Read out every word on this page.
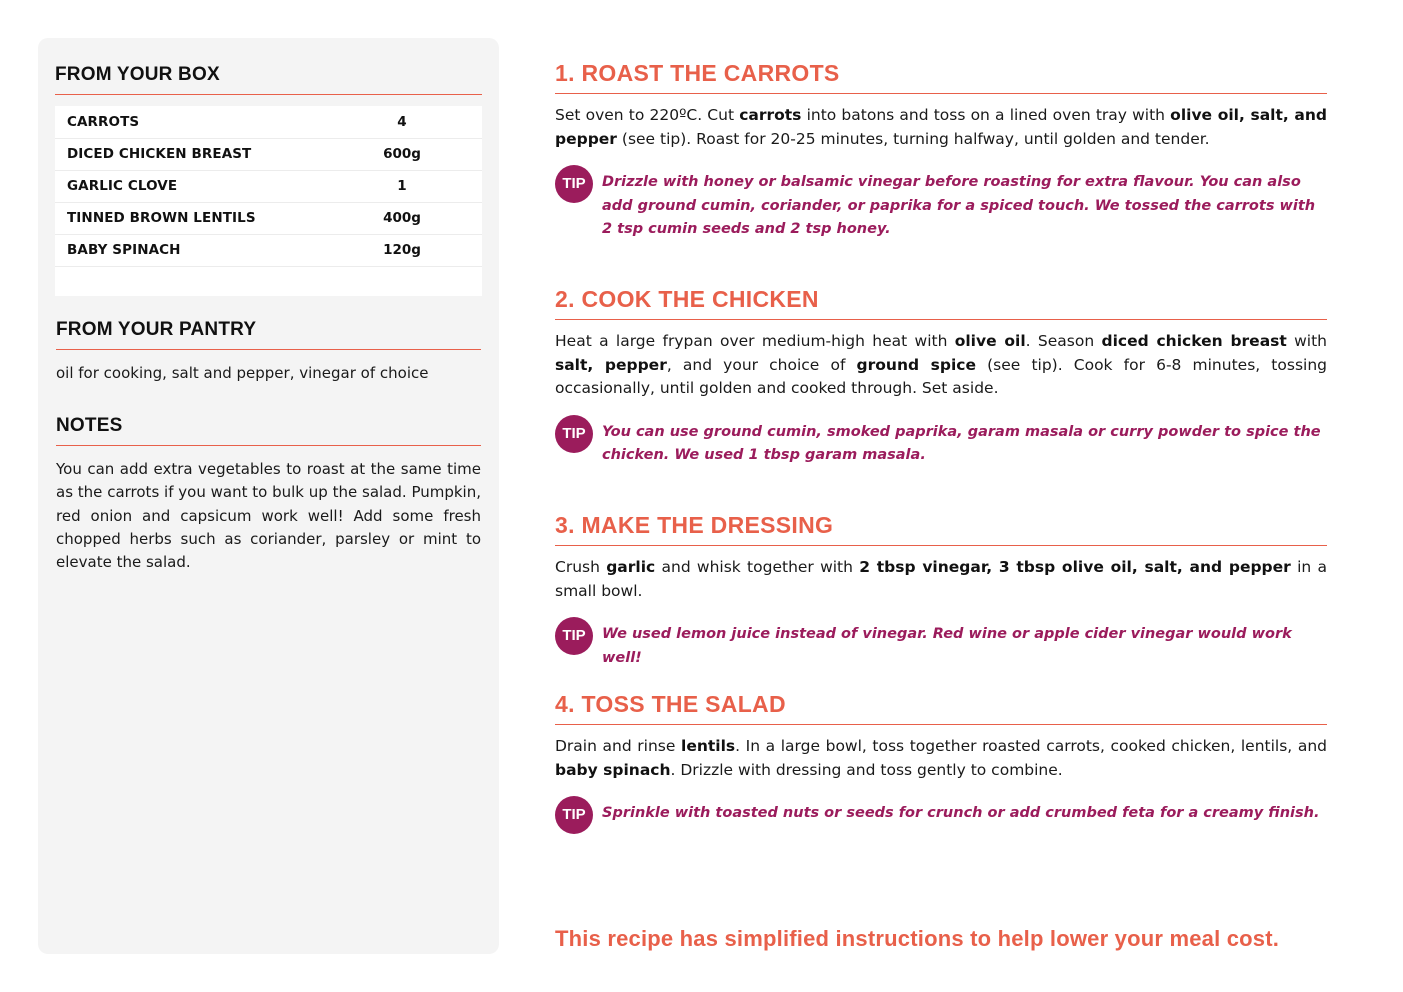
FROM YOUR BOX
CARROTS	4	
DICED CHICKEN BREAST	600g	
GARLIC CLOVE	1	
TINNED BROWN LENTILS	400g	
BABY SPINACH	120g	

FROM YOUR PANTRY
oil for cooking, salt and pepper, vinegar of choice
NOTES
You can add extra vegetables to roast at the same time as the carrots if you want to bulk up the salad. Pumpkin, red onion and capsicum work well! Add some fresh chopped herbs such as coriander, parsley or mint to elevate the salad.
1. ROAST THE CARROTS
Set oven to 220ºC. Cut carrots into batons and toss on a lined oven tray with olive oil, salt, and pepper (see tip). Roast for 20-25 minutes, turning halfway, until golden and tender.
TIP	Drizzle with honey or balsamic vinegar before roasting for extra flavour. You can also add ground cumin, coriander, or paprika for a spiced touch. We tossed the carrots with 2 tsp cumin seeds and 2 tsp honey.
2. COOK THE CHICKEN
Heat a large frypan over medium-high heat with olive oil. Season diced chicken breast with salt, pepper, and your choice of ground spice (see tip). Cook for 6-8 minutes, tossing occasionally, until golden and cooked through. Set aside.
TIP	You can use ground cumin, smoked paprika, garam masala or curry powder to spice the chicken. We used 1 tbsp garam masala.
3. MAKE THE DRESSING
Crush garlic and whisk together with 2 tbsp vinegar, 3 tbsp olive oil, salt, and pepper in a small bowl.
TIP	We used lemon juice instead of vinegar. Red wine or apple cider vinegar would work well!
4. TOSS THE SALAD
Drain and rinse lentils. In a large bowl, toss together roasted carrots, cooked chicken, lentils, and baby spinach. Drizzle with dressing and toss gently to combine.
TIP	Sprinkle with toasted nuts or seeds for crunch or add crumbed feta for a creamy finish.
This recipe has simplified instructions to help lower your meal cost.
